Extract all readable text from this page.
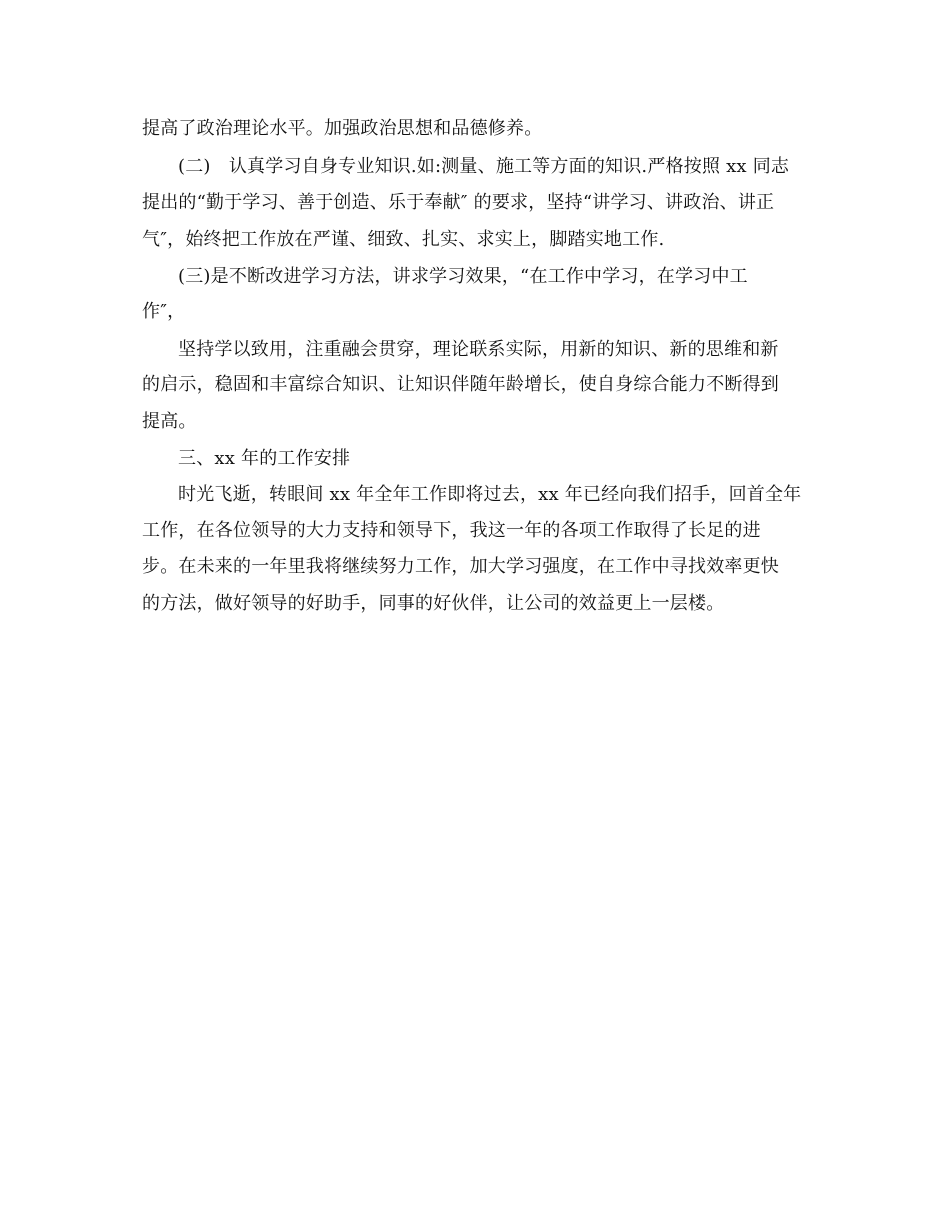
提高了政治理论水平。加强政治思想和品德修养。
(二)　认真学习自身专业知识.如:测量、施工等方面的知识.严格按照 xx 同志
提出的“勤于学习、善于创造、乐于奉献″ 的要求，坚持“讲学习、讲政治、讲正
气″，始终把工作放在严谨、细致、扎实、求实上，脚踏实地工作.
(三)是不断改进学习方法，讲求学习效果，“在工作中学习，在学习中工
作″，
坚持学以致用，注重融会贯穿，理论联系实际，用新的知识、新的思维和新
的启示，稳固和丰富综合知识、让知识伴随年龄增长，使自身综合能力不断得到
提高。
三、xx 年的工作安排
时光飞逝，转眼间 xx 年全年工作即将过去，xx 年已经向我们招手，回首全年
工作，在各位领导的大力支持和领导下，我这一年的各项工作取得了长足的进
步。在未来的一年里我将继续努力工作，加大学习强度，在工作中寻找效率更快
的方法，做好领导的好助手，同事的好伙伴，让公司的效益更上一层楼。
